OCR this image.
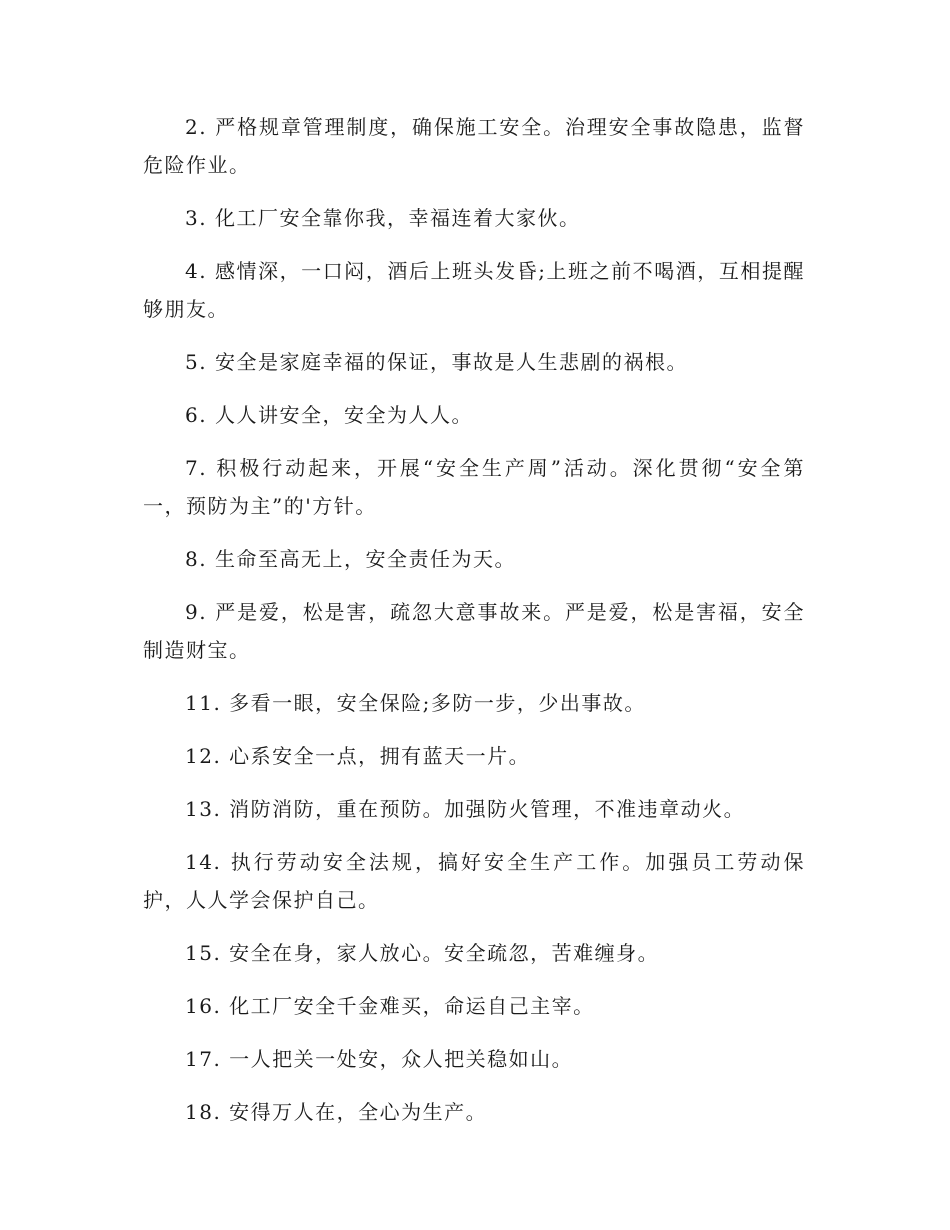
2. 严格规章管理制度，确保施工安全。治理安全事故隐患，监督危险作业。

3. 化工厂安全靠你我，幸福连着大家伙。

4. 感情深，一口闷，酒后上班头发昏;上班之前不喝酒，互相提醒够朋友。

5. 安全是家庭幸福的保证，事故是人生悲剧的祸根。

6. 人人讲安全，安全为人人。

7. 积极行动起来，开展“安全生产周”活动。深化贯彻“安全第一，预防为主”的'方针。

8. 生命至高无上，安全责任为天。

9. 严是爱，松是害，疏忽大意事故来。严是爱，松是害福，安全制造财宝。

11. 多看一眼，安全保险;多防一步，少出事故。

12. 心系安全一点，拥有蓝天一片。

13. 消防消防，重在预防。加强防火管理，不准违章动火。

14. 执行劳动安全法规，搞好安全生产工作。加强员工劳动保护，人人学会保护自己。

15. 安全在身，家人放心。安全疏忽，苦难缠身。

16. 化工厂安全千金难买，命运自己主宰。

17. 一人把关一处安，众人把关稳如山。

18. 安得万人在，全心为生产。
